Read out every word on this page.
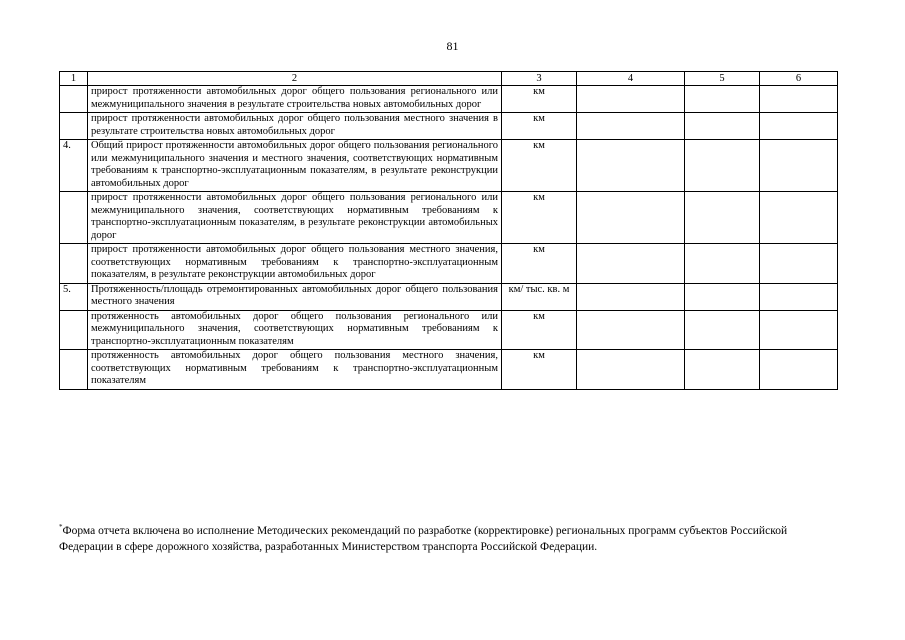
81
1	2	3	4	5	6
	прирост протяженности автомобильных дорог общего пользования регионального или межмуниципального значения в результате строительства новых автомобильных дорог	км			
	прирост протяженности автомобильных дорог общего пользования местного значения в результате строительства новых автомобильных дорог	км			
4.	Общий прирост протяженности автомобильных дорог общего пользования регионального или межмуниципального значения и местного значения, соответствующих нормативным требованиям к транспортно-эксплуатационным показателям, в результате реконструкции автомобильных дорог	км			
	прирост протяженности автомобильных дорог общего пользования регионального или межмуниципального значения, соответствующих нормативным требованиям к транспортно-эксплуатационным показателям, в результате реконструкции автомобильных дорог	км			
	прирост протяженности автомобильных дорог общего пользования местного значения, соответствующих нормативным требованиям к транспортно-эксплуатационным показателям, в результате реконструкции автомобильных дорог	км			
5.	Протяженность/площадь отремонтированных автомобильных дорог общего пользования местного значения	км/ тыс. кв. м			
	протяженность автомобильных дорог общего пользования регионального или межмуниципального значения, соответствующих нормативным требованиям к транспортно-эксплуатационным показателям	км			
	протяженность автомобильных дорог общего пользования местного значения, соответствующих нормативным требованиям к транспортно-эксплуатационным показателям	км			
*Форма отчета включена во исполнение Методических рекомендаций по разработке (корректировке) региональных программ субъектов Российской Федерации в сфере дорожного хозяйства, разработанных Министерством транспорта Российской Федерации.
